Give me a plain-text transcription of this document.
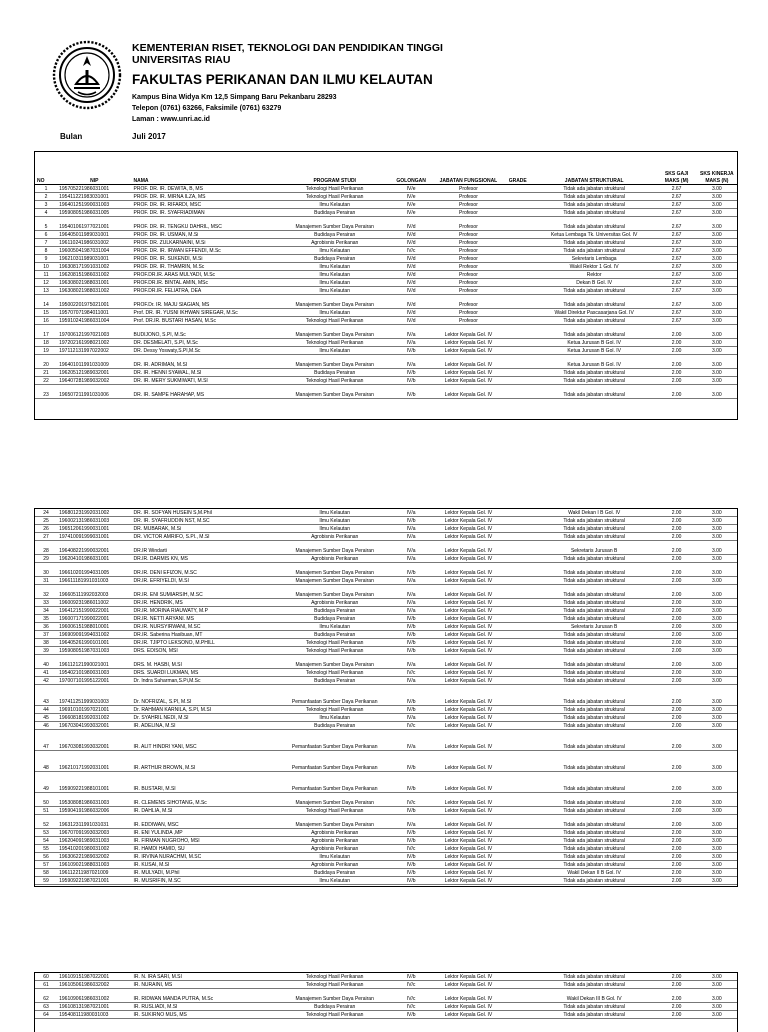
KEMENTERIAN RISET, TEKNOLOGI DAN PENDIDIKAN TINGGI
UNIVERSITAS RIAU
FAKULTAS PERIKANAN DAN ILMU KELAUTAN
Kampus Bina Widya Km 12,5 Simpang Baru Pekanbaru 28293
Telepon (0761) 63266, Faksimile (0761) 63279
Laman : www.unri.ac.id
Bulan	Juli 2017
NO	NIP	NAMA	PROGRAM STUDI	GOLONGAN	JABATAN FUNGSIONAL	GRADE	JABATAN STRUKTURAL	SKS GAJI MAKS (M)	SKS KINERJA MAKS (N)
1	195705221986031001	PROF. DR. IR. DEWITA, B, MS	Teknologi Hasil Perikanan	IV/e	Profesor		Tidak ada jabatan struktural	2.67	3.00
2	195411221983031001	PROF. DR. IR. MIRNA ILZA, MS	Teknologi Hasil Perikanan	IV/e	Profesor		Tidak ada jabatan struktural	2.67	3.00
3	196401251990031003	PROF. DR. IR. RIFARDI, MSC	Ilmu Kelautan	IV/e	Profesor		Tidak ada jabatan struktural	2.67	3.00
4	195908051986031005	PROF. DR. IR. SYAFRIADIMAN	Budidaya Perairan	IV/e	Profesor		Tidak ada jabatan struktural	2.67	3.00

5	195401061977021001	PROF. DR. IR. TENGKU DAHRIL, MSC	Manajemen Sumber Daya Perairan	IV/d	Profesor		Tidak ada jabatan struktural	2.67	3.00
6	196405011989031001	PROF. DR. IR. USMAN, M.Si	Budidaya Perairan	IV/d	Profesor		Ketua Lembaga Tk. Universitas Gol. IV	2.67	3.00
7	196110241986031002	PROF. DR. ZULKARNAINI, M.Si	Agrobisnis Perikanan	IV/d	Profesor		Tidak ada jabatan struktural	2.67	3.00
8	196005041987031004	PROF. DR. IR. IRWAN EFFENDI, M.Sc	Ilmu Kelautan	IV/c	Profesor		Tidak ada jabatan struktural	2.67	3.00
9	196210311989031001	PROF. DR. IR. SUKENDI, M.Si	Budidaya Perairan	IV/d	Profesor		Sekretaris Lembaga	2.67	3.00
10	196308171991031002	PROF. DR. IR. THAMRIN, M.Sc	Ilmu Kelautan	IV/d	Profesor		Wakil Rektor 1 Gol. IV	2.67	3.00
11	196208151986031002	PROF.DR.IR. ARAS MULYADI, M.Sc	Ilmu Kelautan	IV/d	Profesor		Rektor	2.67	3.00
12	196308021988031001	PROF.DR.IR. BINTAL AMIN, MSc	Ilmu Kelautan	IV/d	Profesor		Dekan B Gol. IV	2.67	3.00
13	196308021988031002	PROF.DR.IR. FELIATRA, DEA	Ilmu Kelautan	IV/d	Profesor		Tidak ada jabatan struktural	2.67	3.00

14	195002201975021001	PROF.Dr. IR. MAJU SIAGIAN, MS	Manajemen Sumber Daya Perairan	IV/d	Profesor		Tidak ada jabatan struktural	2.67	3.00
15	195707071984011001	Prof. DR. IR. YUSNI IKHWAN SIREGAR, M.Sc	Ilmu Kelautan	IV/d	Profesor		Wakil Direktur Pascasarjana Gol. IV	2.67	3.00
16	195910241986031004	Prof. DR.IR. BUSTARI HASAN, M.Sc	Teknologi Hasil Perikanan	IV/d	Profesor		Tidak ada jabatan struktural	2.67	3.00

17	197006121997021003	BUDIJONO, S.PI, M.Sc	Manajemen Sumber Daya Perairan	IV/a	Lektor Kepala Gol. IV		Tidak ada jabatan struktural	2.00	3.00
18	197202161998021002	DR. DESMELATI, S.PI, M.Sc	Teknologi Hasil Perikanan	IV/a	Lektor Kepala Gol. IV		Ketua Jurusan B Gol. IV	2.00	3.00
19	197112131997022002	DR. Dessy Yoswaty,S.PI,M.Sc	Ilmu Kelautan	IV/b	Lektor Kepala Gol. IV		Ketua Jurusan B Gol. IV	2.00	3.00

20	196401011991031009	DR. IR. ADRIMAN, M.SI	Manajemen Sumber Daya Perairan	IV/a	Lektor Kepala Gol. IV		Ketua Jurusan B Gol. IV	2.00	3.00
21	196205121989032001	DR. IR. HENNI SYAWAL, M.SI	Budidaya Perairan	IV/b	Lektor Kepala Gol. IV		Tidak ada jabatan struktural	2.00	3.00
22	196407281989032002	DR. IR. MERY SUKMIWATI, M.SI	Teknologi Hasil Perikanan	IV/b	Lektor Kepala Gol. IV		Tidak ada jabatan struktural	2.00	3.00

23	196507211991031006	DR. IR. SAMPE HARAHAP, MS	Manajemen Sumber Daya Perairan	IV/b	Lektor Kepala Gol. IV		Tidak ada jabatan struktural	2.00	3.00
24	196801231992031002	DR. IR. SOFYAN HUSEIN S,M.Phil	Ilmu Kelautan	IV/a	Lektor Kepala Gol. IV		Wakil Dekan I B Gol. IV	2.00	3.00
25	196002131986031003	DR. IR. SYAFRUDDIN NST, M.SC	Ilmu Kelautan	IV/b	Lektor Kepala Gol. IV		Tidak ada jabatan struktural	2.00	3.00
26	196512061990031001	DR. MUBARAK, M.Si	Ilmu Kelautan	IV/a	Lektor Kepala Gol. IV		Tidak ada jabatan struktural	2.00	3.00
27	197410091999031001	DR. VICTOR AMRIFO, S.PI., M.SI	Agrobisnis Perikanan	IV/a	Lektor Kepala Gol. IV		Tidak ada jabatan struktural	2.00	3.00

28	196408221990032001	DR.IR Windarti	Manajemen Sumber Daya Perairan	IV/a	Lektor Kepala Gol. IV		Sekretaris Jurusan B	2.00	3.00
29	196204101986031001	DR.IR. DARMIS KN, MS	Agrobisnis Perikanan	IV/a	Lektor Kepala Gol. IV		Tidak ada jabatan struktural	2.00	3.00

30	196610201994031005	DR.IR. DENI EFIZON, M.SC	Manajemen Sumber Daya Perairan	IV/b	Lektor Kepala Gol. IV		Tidak ada jabatan struktural	2.00	3.00
31	196611181991031003	DR.IR. EFRIYELDI, M.SI	Manajemen Sumber Daya Perairan	IV/a	Lektor Kepala Gol. IV		Tidak ada jabatan struktural	2.00	3.00

32	196605111992032003	DR.IR. ENI SUMIARSIH, M.SC	Manajemen Sumber Daya Perairan	IV/a	Lektor Kepala Gol. IV		Tidak ada jabatan struktural	2.00	3.00
33	196009231986011002	DR.IR. HENDRIK, MS	Agrobisnis Perikanan	IV/a	Lektor Kepala Gol. IV		Tidak ada jabatan struktural	2.00	3.00
34	196412151990022001	DR.IR. MORINA RIAUWATY, M.P	Budidaya Perairan	IV/a	Lektor Kepala Gol. IV		Tidak ada jabatan struktural	2.00	3.00
35	196007171990022001	DR.IR. NETTI ARYANI. MS	Budidaya Perairan	IV/b	Lektor Kepala Gol. IV		Tidak ada jabatan struktural	2.00	3.00
36	196006151988010001	DR.IR. NURSYIRWANI, M.SC	Ilmu Kelautan	IV/b	Lektor Kepala Gol. IV		Sekretaris Jurusan B	2.00	3.00
37	196909091994031002	DR.IR. Saberina Hasibuan, MT	Budidaya Perairan	IV/b	Lektor Kepala Gol. IV		Tidak ada jabatan struktural	2.00	3.00
38	196405261990101001	DR.IR. TJIPTO LEKSONO, M.PHILL	Teknologi Hasil Perikanan	IV/b	Lektor Kepala Gol. IV		Tidak ada jabatan struktural	2.00	3.00
39	195908051987031003	DRS. EDISON, MSI	Teknologi Hasil Perikanan	IV/b	Lektor Kepala Gol. IV		Tidak ada jabatan struktural	2.00	3.00

40	196112121990021001	DRS. M. HASBI, M.SI	Manajemen Sumber Daya Perairan	IV/a	Lektor Kepala Gol. IV		Tidak ada jabatan struktural	2.00	3.00
41	195402101980031003	DRS. SUARDI LUKMAN, MS	Teknologi Hasil Perikanan	IV/c	Lektor Kepala Gol. IV		Tidak ada jabatan struktural	2.00	3.00
42	197007101995122001	Dr. Indra Suharman,S.Pi,M.Sc	Budidaya Perairan	IV/a	Lektor Kepala Gol. IV		Tidak ada jabatan struktural	2.00	3.00

43	197411251999031003	Dr. NOFRIZAL, S.PI, M.SI	Pemanfaatan Sumber Daya Perikanan	IV/b	Lektor Kepala Gol. IV		Tidak ada jabatan struktural	2.00	3.00
44	196910101997021001	Dr. RAHMAN KARNILA, S.PI, M.SI	Teknologi Hasil Perikanan	IV/b	Lektor Kepala Gol. IV		Tidak ada jabatan struktural	2.00	3.00
45	196608181992031002	Dr. SYAHRIL NEDI, M.SI	Ilmu Kelautan	IV/a	Lektor Kepala Gol. IV		Tidak ada jabatan struktural	2.00	3.00
46	196703041993032001	IR. ADELINA, M.SI	Budidaya Perairan	IV/c	Lektor Kepala Gol. IV		Tidak ada jabatan struktural	2.00	3.00

47	196703081993032001	IR. ALIT HINDRI YANI, MSC	Pemanfaatan Sumber Daya Perikanan	IV/a	Lektor Kepala Gol. IV		Tidak ada jabatan struktural	2.00	3.00

48	196210171992031001	IR. ARTHUR BROWN, M.SI	Pemanfaatan Sumber Daya Perikanan	IV/b	Lektor Kepala Gol. IV		Tidak ada jabatan struktural	2.00	3.00

49	195909221988101001	IR. BUSTARI, M.SI	Pemanfaatan Sumber Daya Perikanan	IV/b	Lektor Kepala Gol. IV		Tidak ada jabatan struktural	2.00	3.00

50	195308081986031003	IR. CLEMENS SIHOTANG, M.Sc	Manajemen Sumber Daya Perairan	IV/c	Lektor Kepala Gol. IV		Tidak ada jabatan struktural	2.00	3.00
51	195904191986032006	IR. DAHLIA, M.SI	Teknologi Hasil Perikanan	IV/b	Lektor Kepala Gol. IV		Tidak ada jabatan struktural	2.00	3.00

52	196312311991031031	IR. EDDIWAN, MSC	Manajemen Sumber Daya Perairan	IV/a	Lektor Kepala Gol. IV		Tidak ada jabatan struktural	2.00	3.00
53	196707091993032003	IR. ENI YULINDA ,MP	Agrobisnis Perikanan	IV/b	Lektor Kepala Gol. IV		Tidak ada jabatan struktural	2.00	3.00
54	196204091989031003	IR. FIRMAN NUGROHO, MSI	Agrobisnis Perikanan	IV/b	Lektor Kepala Gol. IV		Tidak ada jabatan struktural	2.00	3.00
55	195410201980031002	IR. HAMDI HAMID, SU	Agrobisnis Perikanan	IV/c	Lektor Kepala Gol. IV		Tidak ada jabatan struktural	2.00	3.00
56	196306221989032002	IR. IRVINA NURACHMI, M.SC	Ilmu Kelautan	IV/b	Lektor Kepala Gol. IV		Tidak ada jabatan struktural	2.00	3.00
57	196109021988031003	IR. KUSAI, M.SI	Agrobisnis Perikanan	IV/b	Lektor Kepala Gol. IV		Tidak ada jabatan struktural	2.00	3.00
58	196112211987021009	IR. MULYADI, M.Phil	Budidaya Perairan	IV/b	Lektor Kepala Gol. IV		Wakil Dekan II B Gol. IV	2.00	3.00
59	195909221987021001	IR. MUSRIFIN, M.SC	Ilmu Kelautan	IV/b	Lektor Kepala Gol. IV		Tidak ada jabatan struktural	2.00	3.00
60	196109151987022001	IR. N. IRA SARI, M.SI	Teknologi Hasil Perikanan	IV/b	Lektor Kepala Gol. IV		Tidak ada jabatan struktural	2.00	3.00
61	196105061986032002	IR. NURAINI, MS	Teknologi Hasil Perikanan	IV/c	Lektor Kepala Gol. IV		Tidak ada jabatan struktural	2.00	3.00

62	196109061986031002	IR. RIDWAN MANDA PUTRA, M.Sc	Manajemen Sumber Daya Perairan	IV/c	Lektor Kepala Gol. IV		Wakil Dekan III B Gol. IV	2.00	3.00
63	196108131987021001	IR. RUSLIADI, M.SI	Budidaya Perairan	IV/c	Lektor Kepala Gol. IV		Tidak ada jabatan struktural	2.00	3.00
64	195408111980031003	IR. SUKIRNO MUS, MS	Teknologi Hasil Perikanan	IV/b	Lektor Kepala Gol. IV		Tidak ada jabatan struktural	2.00	3.00
